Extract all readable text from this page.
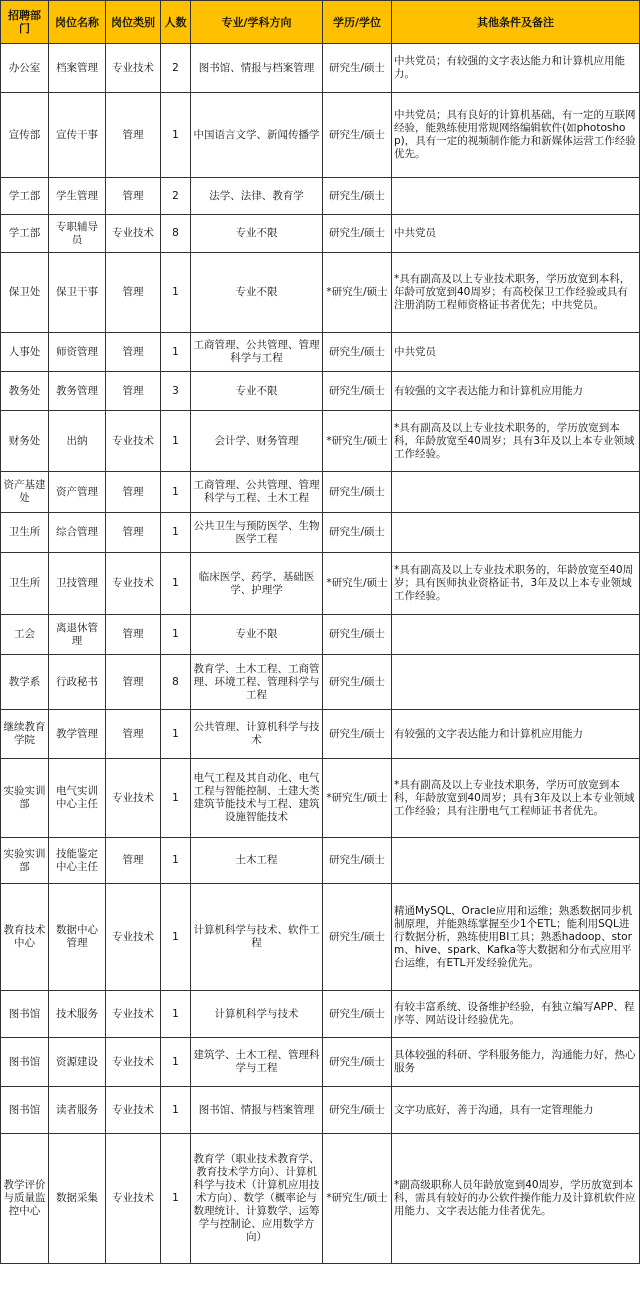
招聘部门	岗位名称	岗位类别	人数	专业/学科方向	学历/学位	其他条件及备注
办公室	档案管理	专业技术	2	图书馆、情报与档案管理	研究生/硕士	中共党员；有较强的文字表达能力和计算机应用能力。
宣传部	宣传干事	管理	1	中国语言文学、新闻传播学	研究生/硕士	中共党员；具有良好的计算机基础，有一定的互联网经验，能熟练使用常规网络编辑软件(如photoshop)，具有一定的视频制作能力和新媒体运营工作经验优先。
学工部	学生管理	管理	2	法学、法律、教育学	研究生/硕士	
学工部	专职辅导员	专业技术	8	专业不限	研究生/硕士	中共党员
保卫处	保卫干事	管理	1	专业不限	*研究生/硕士	*具有副高及以上专业技术职务，学历放宽到本科，年龄可放宽到40周岁；有高校保卫工作经验或具有注册消防工程师资格证书者优先；中共党员。
人事处	师资管理	管理	1	工商管理、公共管理、管理科学与工程	研究生/硕士	中共党员
教务处	教务管理	管理	3	专业不限	研究生/硕士	有较强的文字表达能力和计算机应用能力
财务处	出纳	专业技术	1	会计学、财务管理	*研究生/硕士	*具有副高及以上专业技术职务的，学历放宽到本科，年龄放宽至40周岁；具有3年及以上本专业领域工作经验。
资产基建处	资产管理	管理	1	工商管理、公共管理、管理科学与工程、土木工程	研究生/硕士	
卫生所	综合管理	管理	1	公共卫生与预防医学、生物医学工程	研究生/硕士	
卫生所	卫技管理	专业技术	1	临床医学、药学、基础医学、护理学	*研究生/硕士	*具有副高及以上专业技术职务的，年龄放宽至40周岁；具有医师执业资格证书，3年及以上本专业领域工作经验。
工会	离退休管理	管理	1	专业不限	研究生/硕士	
教学系	行政秘书	管理	8	教育学、土木工程、工商管理、环境工程、管理科学与工程	研究生/硕士	
继续教育学院	教学管理	管理	1	公共管理、计算机科学与技术	研究生/硕士	有较强的文字表达能力和计算机应用能力
实验实训部	电气实训中心主任	专业技术	1	电气工程及其自动化、电气工程与智能控制、土建大类建筑节能技术与工程、建筑设施智能技术	*研究生/硕士	*具有副高及以上专业技术职务，学历可放宽到本科，年龄放宽到40周岁；具有3年及以上本专业领域工作经验；具有注册电气工程师证书者优先。
实验实训部	技能鉴定中心主任	管理	1	土木工程	研究生/硕士	
教育技术中心	数据中心管理	专业技术	1	计算机科学与技术、软件工程	研究生/硕士	精通MySQL、Oracle应用和运维；熟悉数据同步机制原理，并能熟练掌握至少1个ETL；能利用SQL进行数据分析，熟练使用BI工具；熟悉hadoop、storm、hive、spark、Kafka等大数据和分布式应用平台运维，有ETL开发经验优先。
图书馆	技术服务	专业技术	1	计算机科学与技术	研究生/硕士	有较丰富系统、设备维护经验，有独立编写APP、程序等、网站设计经验优先。
图书馆	资源建设	专业技术	1	建筑学、土木工程、管理科学与工程	研究生/硕士	具体较强的科研、学科服务能力，沟通能力好，热心服务
图书馆	读者服务	专业技术	1	图书馆、情报与档案管理	研究生/硕士	文字功底好，善于沟通，具有一定管理能力
教学评价与质量监控中心	数据采集	专业技术	1	教育学（职业技术教育学、教育技术学方向）、计算机科学与技术（计算机应用技术方向）、数学（概率论与数理统计、计算数学、运筹学与控制论、应用数学方向）	*研究生/硕士	*副高级职称人员年龄放宽到40周岁，学历放宽到本科，需具有较好的办公软件操作能力及计算机软件应用能力、文字表达能力佳者优先。
